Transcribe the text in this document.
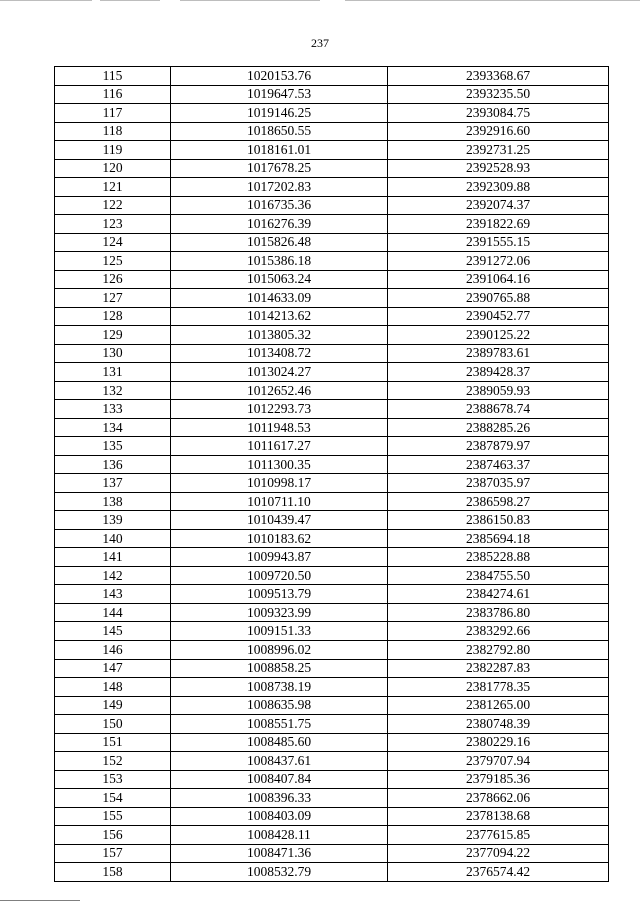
237
115	1020153.76	2393368.67
116	1019647.53	2393235.50
117	1019146.25	2393084.75
118	1018650.55	2392916.60
119	1018161.01	2392731.25
120	1017678.25	2392528.93
121	1017202.83	2392309.88
122	1016735.36	2392074.37
123	1016276.39	2391822.69
124	1015826.48	2391555.15
125	1015386.18	2391272.06
126	1015063.24	2391064.16
127	1014633.09	2390765.88
128	1014213.62	2390452.77
129	1013805.32	2390125.22
130	1013408.72	2389783.61
131	1013024.27	2389428.37
132	1012652.46	2389059.93
133	1012293.73	2388678.74
134	1011948.53	2388285.26
135	1011617.27	2387879.97
136	1011300.35	2387463.37
137	1010998.17	2387035.97
138	1010711.10	2386598.27
139	1010439.47	2386150.83
140	1010183.62	2385694.18
141	1009943.87	2385228.88
142	1009720.50	2384755.50
143	1009513.79	2384274.61
144	1009323.99	2383786.80
145	1009151.33	2383292.66
146	1008996.02	2382792.80
147	1008858.25	2382287.83
148	1008738.19	2381778.35
149	1008635.98	2381265.00
150	1008551.75	2380748.39
151	1008485.60	2380229.16
152	1008437.61	2379707.94
153	1008407.84	2379185.36
154	1008396.33	2378662.06
155	1008403.09	2378138.68
156	1008428.11	2377615.85
157	1008471.36	2377094.22
158	1008532.79	2376574.42
